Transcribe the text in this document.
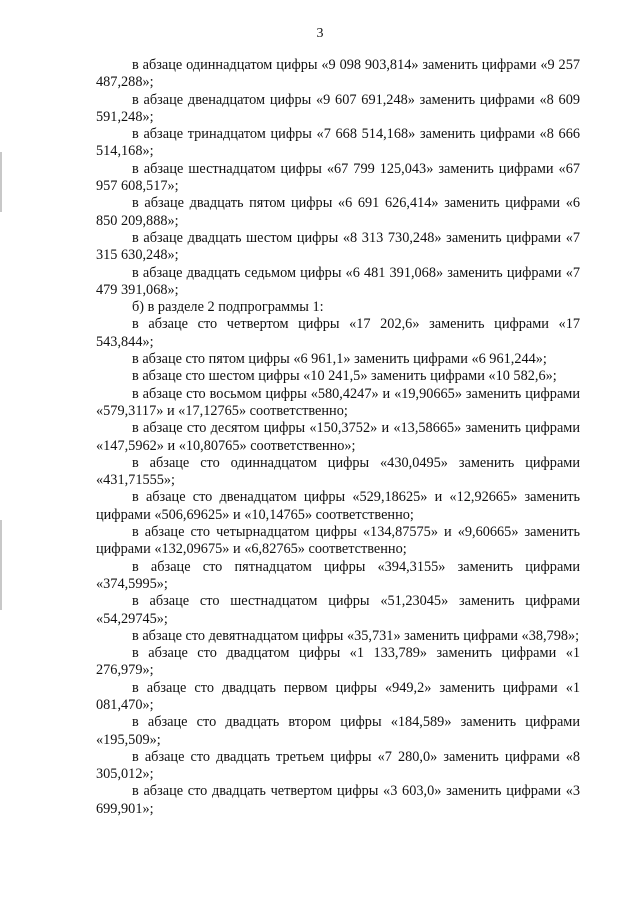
3

в абзаце одиннадцатом цифры «9 098 903,814» заменить цифрами «9 257 487,288»;

в абзаце двенадцатом цифры «9 607 691,248» заменить цифрами «8 609 591,248»;

в абзаце тринадцатом цифры «7 668 514,168» заменить цифрами «8 666 514,168»;

в абзаце шестнадцатом цифры «67 799 125,043» заменить цифрами «67 957 608,517»;

в абзаце двадцать пятом цифры «6 691 626,414» заменить цифрами «6 850 209,888»;

в абзаце двадцать шестом цифры «8 313 730,248» заменить цифрами «7 315 630,248»;

в абзаце двадцать седьмом цифры «6 481 391,068» заменить цифрами «7 479 391,068»;

б) в разделе 2 подпрограммы 1:

в абзаце сто четвертом цифры «17 202,6» заменить цифрами «17 543,844»;

в абзаце сто пятом цифры «6 961,1» заменить цифрами «6 961,244»;

в абзаце сто шестом цифры «10 241,5» заменить цифрами «10 582,6»;

в абзаце сто восьмом цифры «580,4247» и «19,90665» заменить цифрами «579,3117» и «17,12765» соответственно;

в абзаце сто десятом цифры «150,3752» и «13,58665» заменить цифрами «147,5962» и «10,80765» соответственно»;

в абзаце сто одиннадцатом цифры «430,0495» заменить цифрами «431,71555»;

в абзаце сто двенадцатом цифры «529,18625» и «12,92665» заменить цифрами «506,69625» и «10,14765» соответственно;

в абзаце сто четырнадцатом цифры «134,87575» и «9,60665» заменить цифрами «132,09675» и «6,82765» соответственно;

в абзаце сто пятнадцатом цифры «394,3155» заменить цифрами «374,5995»;

в абзаце сто шестнадцатом цифры «51,23045» заменить цифрами «54,29745»;

в абзаце сто девятнадцатом цифры «35,731» заменить цифрами «38,798»;

в абзаце сто двадцатом цифры «1 133,789» заменить цифрами «1 276,979»;

в абзаце сто двадцать первом цифры «949,2» заменить цифрами «1 081,470»;

в абзаце сто двадцать втором цифры «184,589» заменить цифрами «195,509»;

в абзаце сто двадцать третьем цифры «7 280,0» заменить цифрами «8 305,012»;

в абзаце сто двадцать четвертом цифры «3 603,0» заменить цифрами «3 699,901»;
